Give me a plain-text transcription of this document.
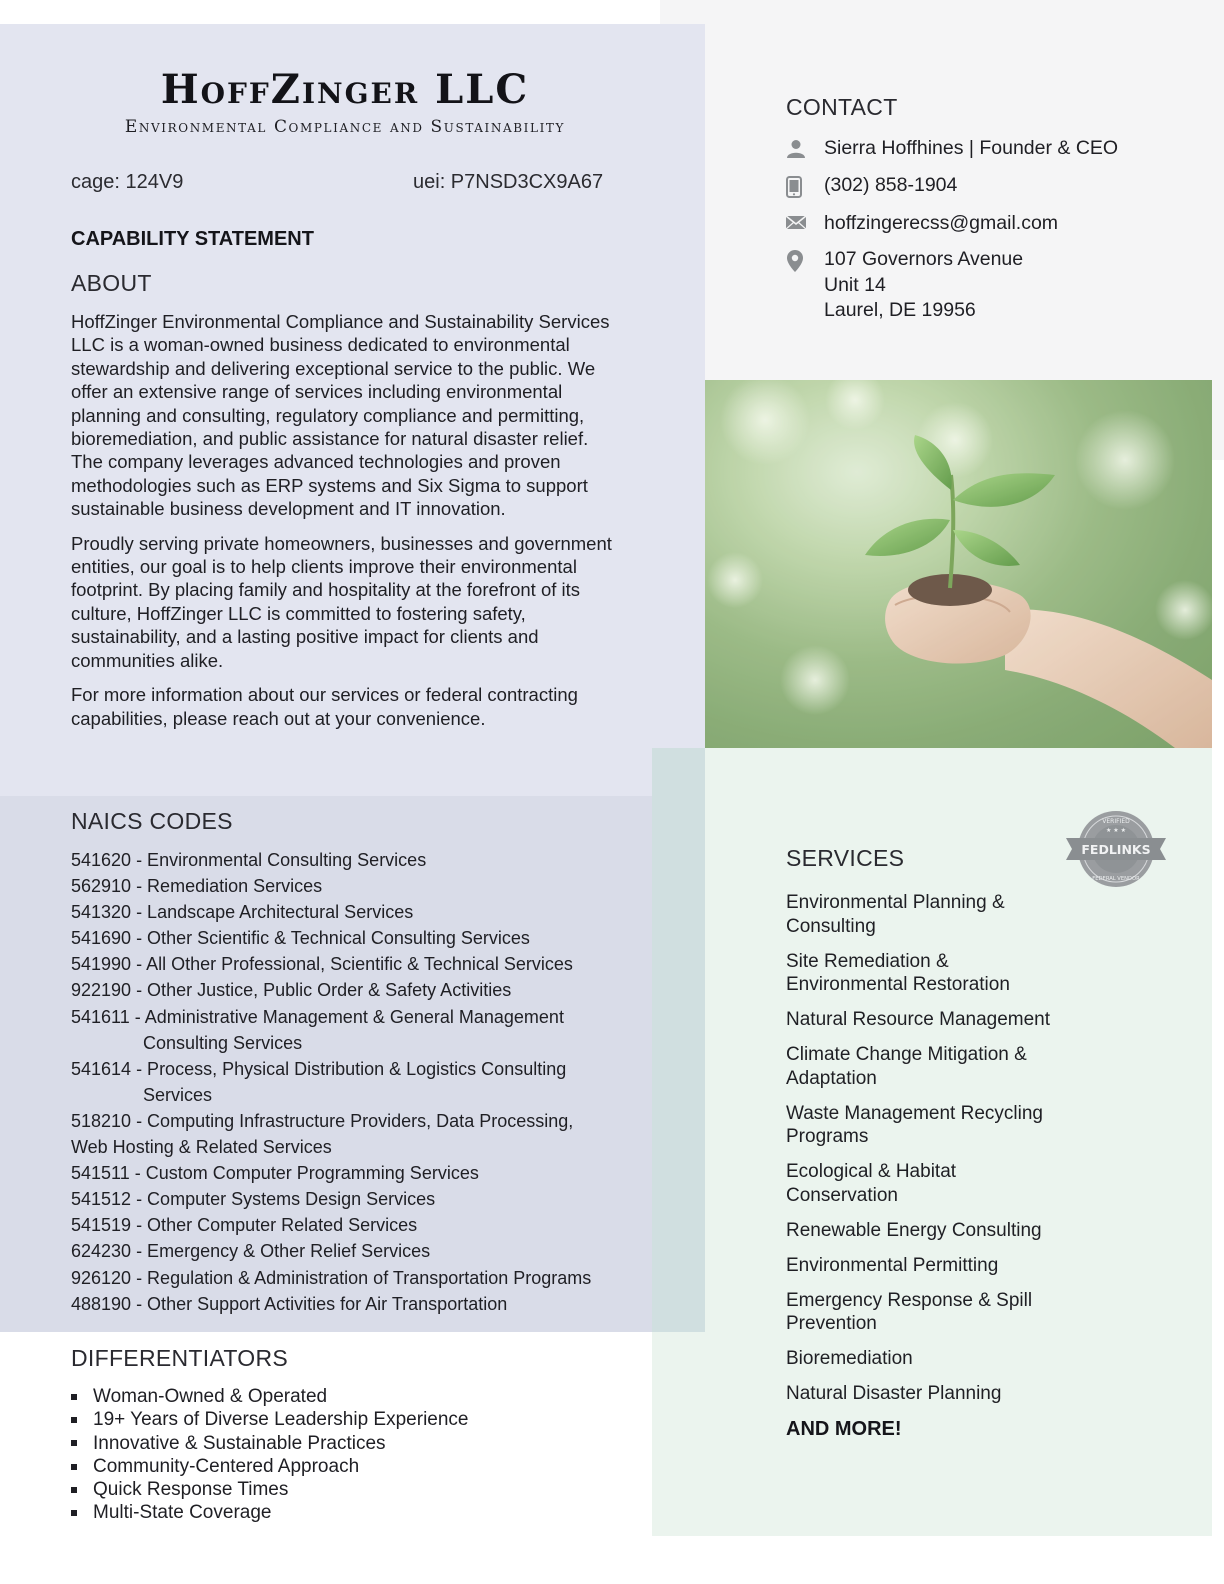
HoffZinger LLC
Environmental Compliance and Sustainability
cage: 124V9	uei: P7NSD3CX9A67
CAPABILITY STATEMENT
ABOUT

HoffZinger Environmental Compliance and Sustainability Services LLC is a woman-owned business dedicated to environmental stewardship and delivering exceptional service to the public. We offer an extensive range of services including environmental planning and consulting, regulatory compliance and permitting, bioremediation, and public assistance for natural disaster relief. The company leverages advanced technologies and proven methodologies such as ERP systems and Six Sigma to support sustainable business development and IT innovation.

Proudly serving private homeowners, businesses and government entities, our goal is to help clients improve their environmental footprint. By placing family and hospitality at the forefront of its culture, HoffZinger LLC is committed to fostering safety, sustainability, and a lasting positive impact for clients and communities alike.

For more information about our services or federal contracting capabilities, please reach out at your convenience.

NAICS CODES
541620 - Environmental Consulting Services
562910 - Remediation Services
541320 - Landscape Architectural Services
541690 - Other Scientific & Technical Consulting Services
541990 - All Other Professional, Scientific & Technical Services
922190 - Other Justice, Public Order & Safety Activities
541611 - Administrative Management & General Management Consulting Services
541614 - Process, Physical Distribution & Logistics Consulting Services
518210 - Computing Infrastructure Providers, Data Processing, Web Hosting & Related Services
541511 - Custom Computer Programming Services
541512 - Computer Systems Design Services
541519 - Other Computer Related Services
624230 - Emergency & Other Relief Services
926120 - Regulation & Administration of Transportation Programs
488190 - Other Support Activities for Air Transportation
DIFFERENTIATORS
Woman-Owned & Operated
19+ Years of Diverse Leadership Experience
Innovative & Sustainable Practices
Community-Centered Approach
Quick Response Times
Multi-State Coverage
CONTACT
Sierra Hoffhines | Founder & CEO
(302) 858-1904
hoffzingerecss@gmail.com
107 Governors Avenue
Unit 14
Laurel, DE 19956
FEDLINKS
VERIFIED
FEDERAL VENDOR
★ ★ ★
SERVICES
Environmental Planning & Consulting
Site Remediation & Environmental Restoration
Natural Resource Management
Climate Change Mitigation & Adaptation
Waste Management Recycling Programs
Ecological & Habitat Conservation
Renewable Energy Consulting
Environmental Permitting
Emergency Response & Spill Prevention
Bioremediation
Natural Disaster Planning
AND MORE!
